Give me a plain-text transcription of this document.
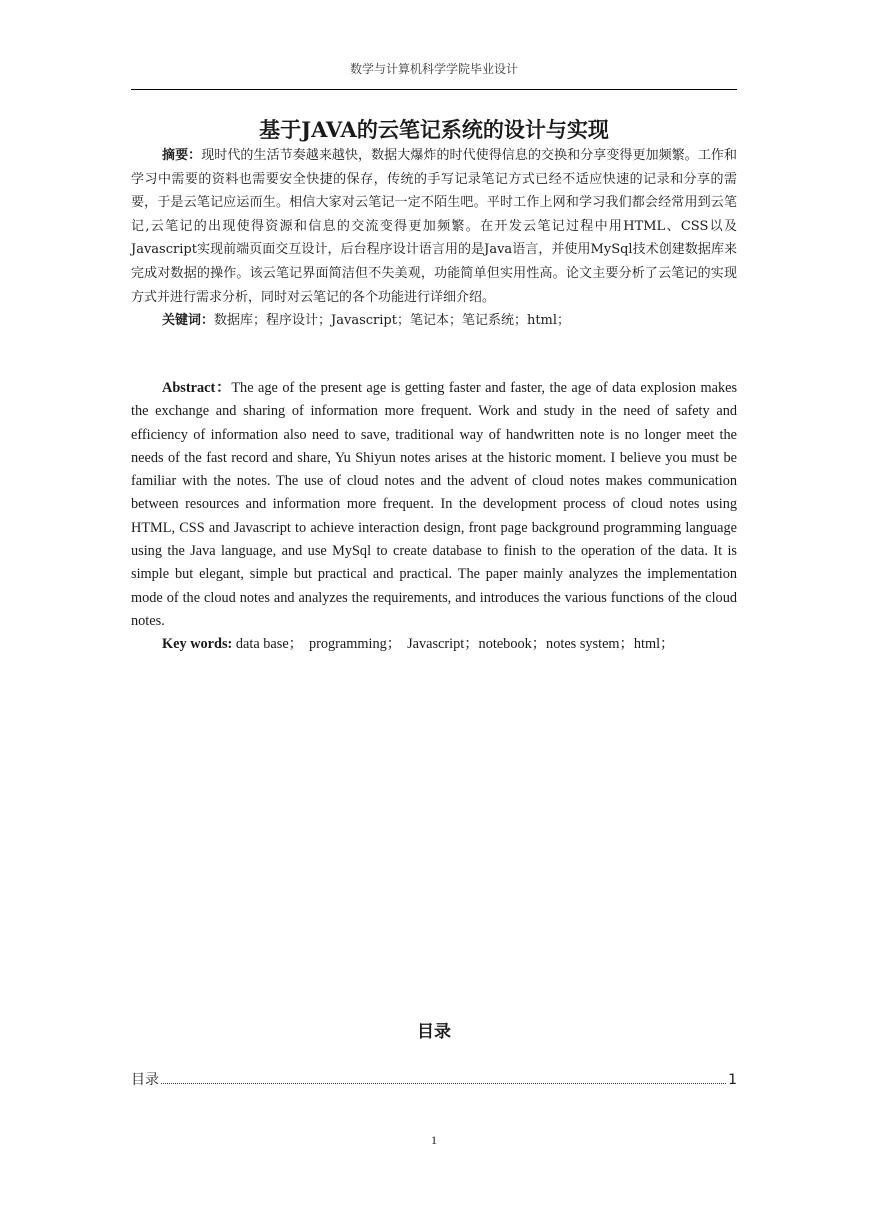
数学与计算机科学学院毕业设计
基于JAVA的云笔记系统的设计与实现

摘要：现时代的生活节奏越来越快，数据大爆炸的时代使得信息的交换和分享变得更加频繁。工作和学习中需要的资料也需要安全快捷的保存，传统的手写记录笔记方式已经不适应快速的记录和分享的需要，于是云笔记应运而生。相信大家对云笔记一定不陌生吧。平时工作上网和学习我们都会经常用到云笔记,云笔记的出现使得资源和信息的交流变得更加频繁。在开发云笔记过程中用HTML、CSS以及Javascript实现前端页面交互设计，后台程序设计语言用的是Java语言，并使用MySql技术创建数据库来完成对数据的操作。该云笔记界面简洁但不失美观，功能简单但实用性高。论文主要分析了云笔记的实现方式并进行需求分析，同时对云笔记的各个功能进行详细介绍。

关键词：数据库；程序设计；Javascript；笔记本；笔记系统；html；

Abstract：The age of the present age is getting faster and faster, the age of data explosion makes the exchange and sharing of information more frequent. Work and study in the need of safety and efficiency of information also need to save, traditional way of handwritten note is no longer meet the needs of the fast record and share, Yu Shiyun notes arises at the historic moment. I believe you must be familiar with the notes. The use of cloud notes and the advent of cloud notes makes communication between resources and information more frequent. In the development process of cloud notes using HTML, CSS and Javascript to achieve interaction design, front page background programming language using the Java language, and use MySql to create database to finish to the operation of the data. It is simple but elegant, simple but practical and practical. The paper mainly analyzes the implementation mode of the cloud notes and analyzes the requirements, and introduces the various functions of the cloud notes.

Key words: data base； programming； Javascript；notebook；notes system；html；

目录
目录	1
1
